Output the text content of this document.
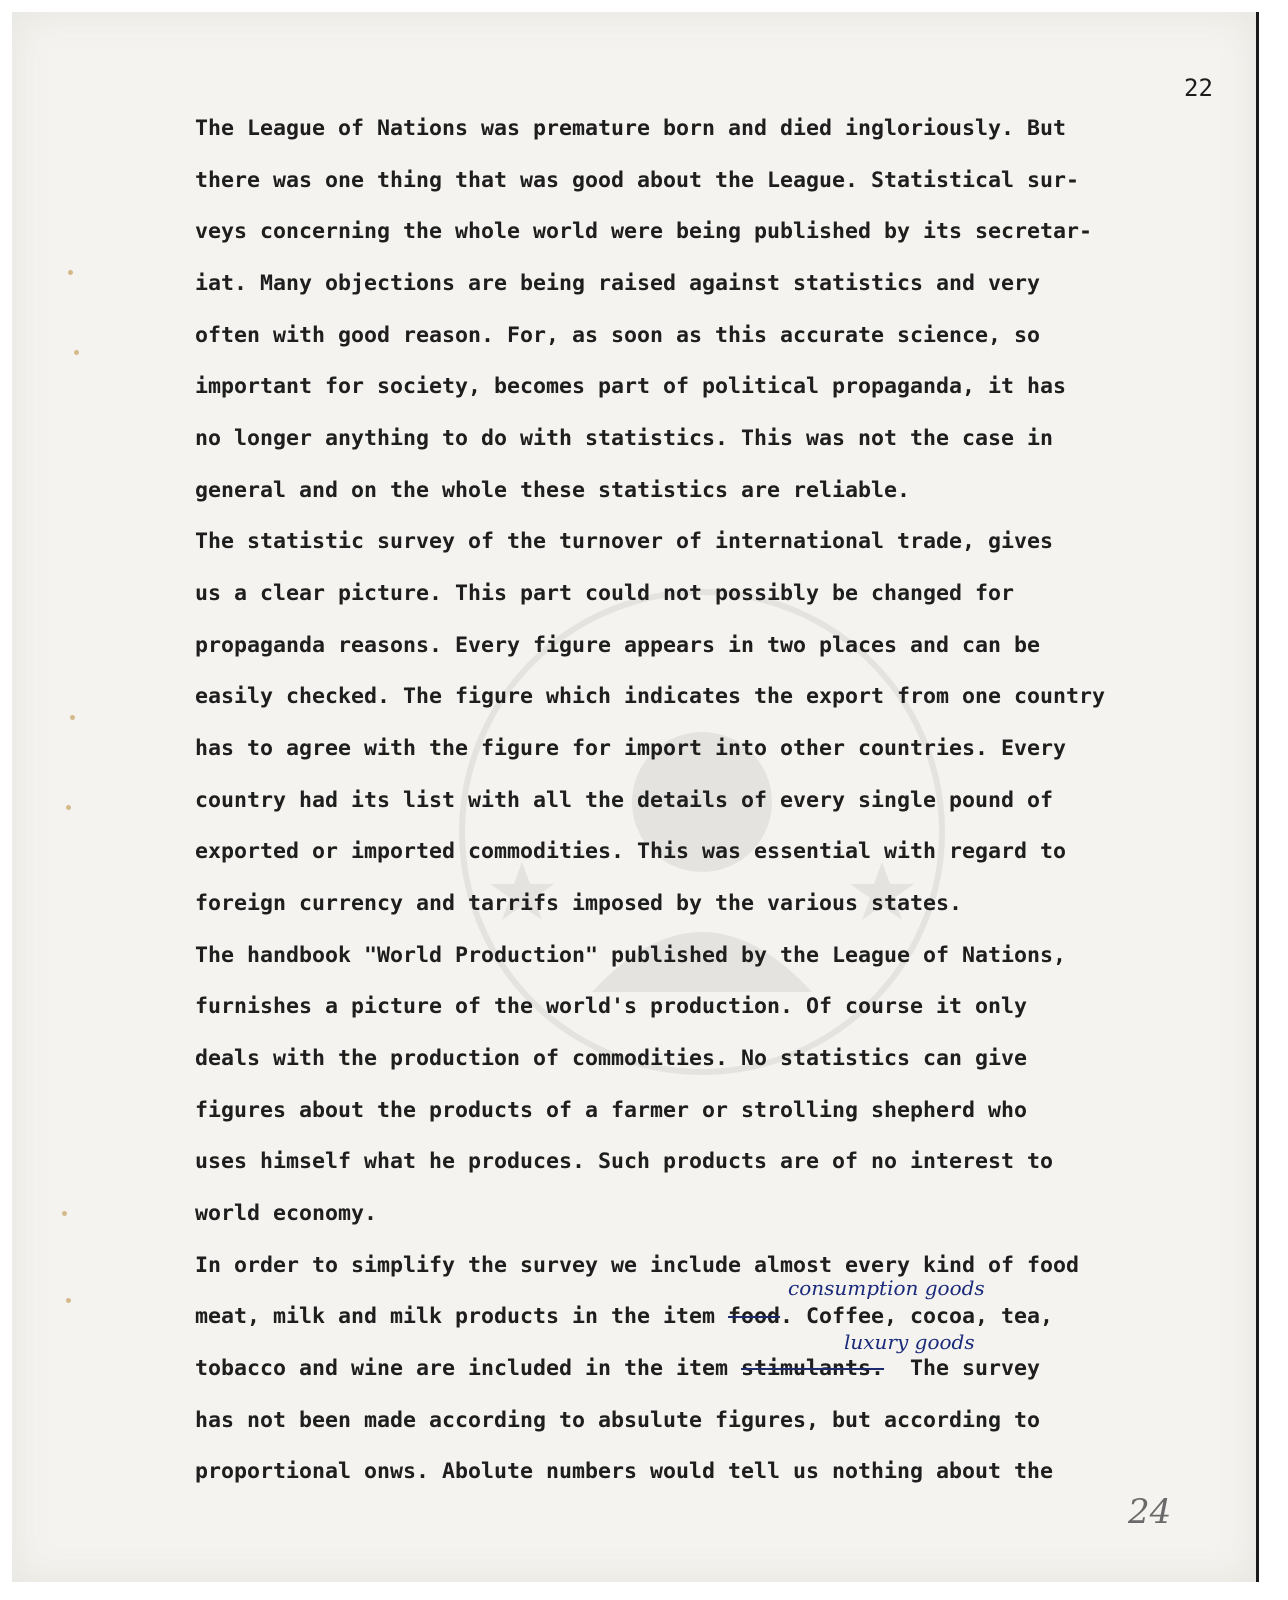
22
The League of Nations was premature born and died ingloriously. But
there was one thing that was good about the League. Statistical sur-
veys concerning the whole world were being published by its secretar-
iat. Many objections are being raised against statistics and very
often with good reason. For, as soon as this accurate science, so
important for society, becomes part of political propaganda, it has
no longer anything to do with statistics. This was not the case in
general and on the whole these statistics are reliable.
The statistic survey of the turnover of international trade, gives
us a clear picture. This part could not possibly be changed for
propaganda reasons. Every figure appears in two places and can be
easily checked. The figure which indicates the export from one country
has to agree with the figure for import into other countries. Every
country had its list with all the details of every single pound of
exported or imported commodities. This was essential with regard to
foreign currency and tarrifs imposed by the various states.
The handbook "World Production" published by the League of Nations,
furnishes a picture of the world's production. Of course it only
deals with the production of commodities. No statistics can give
figures about the products of a farmer or strolling shepherd who
uses himself what he produces. Such products are of no interest to
world economy.
In order to simplify the survey we include almost every kind of food
meat, milk and milk products in the item food. Coffee, cocoa, tea,
tobacco and wine are included in the item stimulants.  The survey
has not been made according to absulute figures, but according to
proportional onws. Abolute numbers would tell us nothing about the
consumption goods
luxury goods
24
